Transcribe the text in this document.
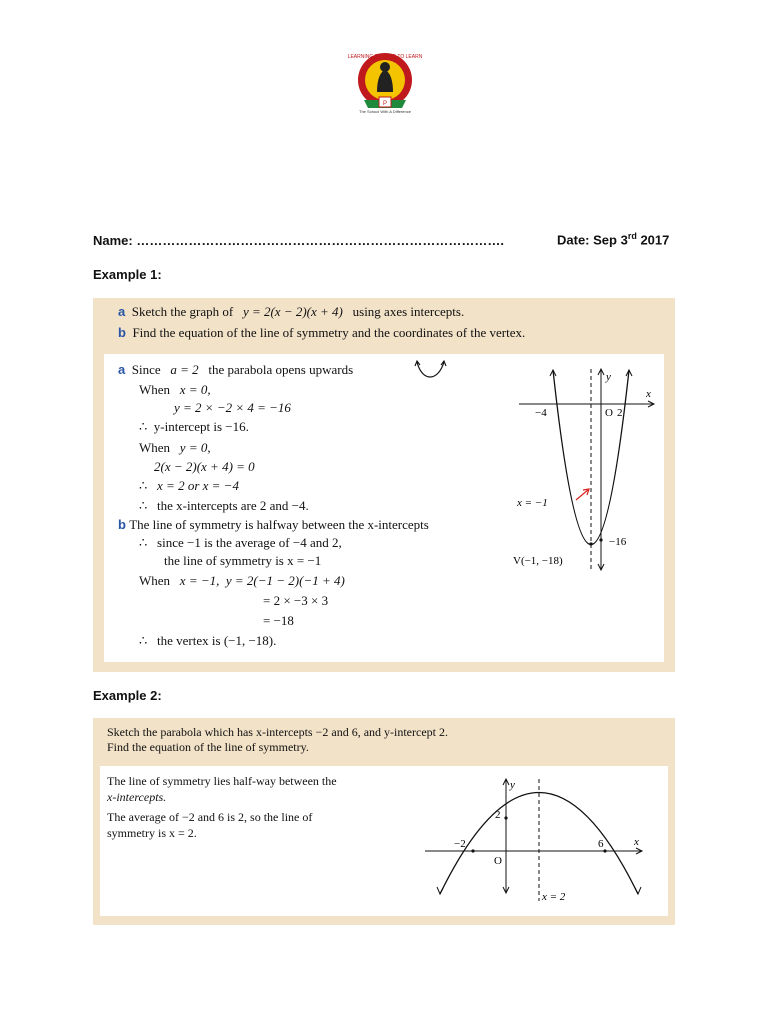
P
LEARNING TO LOVE TO LEARN
The School With A Difference
Name: ………………………………………………………………………….	Date: Sep 3rd 2017
Example 1:
a Sketch the graph of y = 2(x − 2)(x + 4) using axes intercepts.
b Find the equation of the line of symmetry and the coordinates of the vertex.
a Since a = 2 the parabola opens upwards
When x = 0,
y = 2 × −2 × 4 = −16
∴ y-intercept is −16.
When y = 0,
2(x − 2)(x + 4) = 0
∴ x = 2 or x = −4
∴ the x-intercepts are 2 and −4.
b The line of symmetry is halfway between the x-intercepts
∴ since −1 is the average of −4 and 2,
the line of symmetry is x = −1
When x = −1, y = 2(−1 − 2)(−1 + 4)
= 2 × −3 × 3
= −18
∴ the vertex is (−1, −18).
y
x
O 2
−4
x = −1
−16
V(−1, −18)
Example 2:
Sketch the parabola which has x-intercepts −2 and 6, and y-intercept 2.
Find the equation of the line of symmetry.
The line of symmetry lies half-way between the
x-intercepts.
The average of −2 and 6 is 2, so the line of
symmetry is x = 2.
y
x
2
−2	6
O
x = 2
